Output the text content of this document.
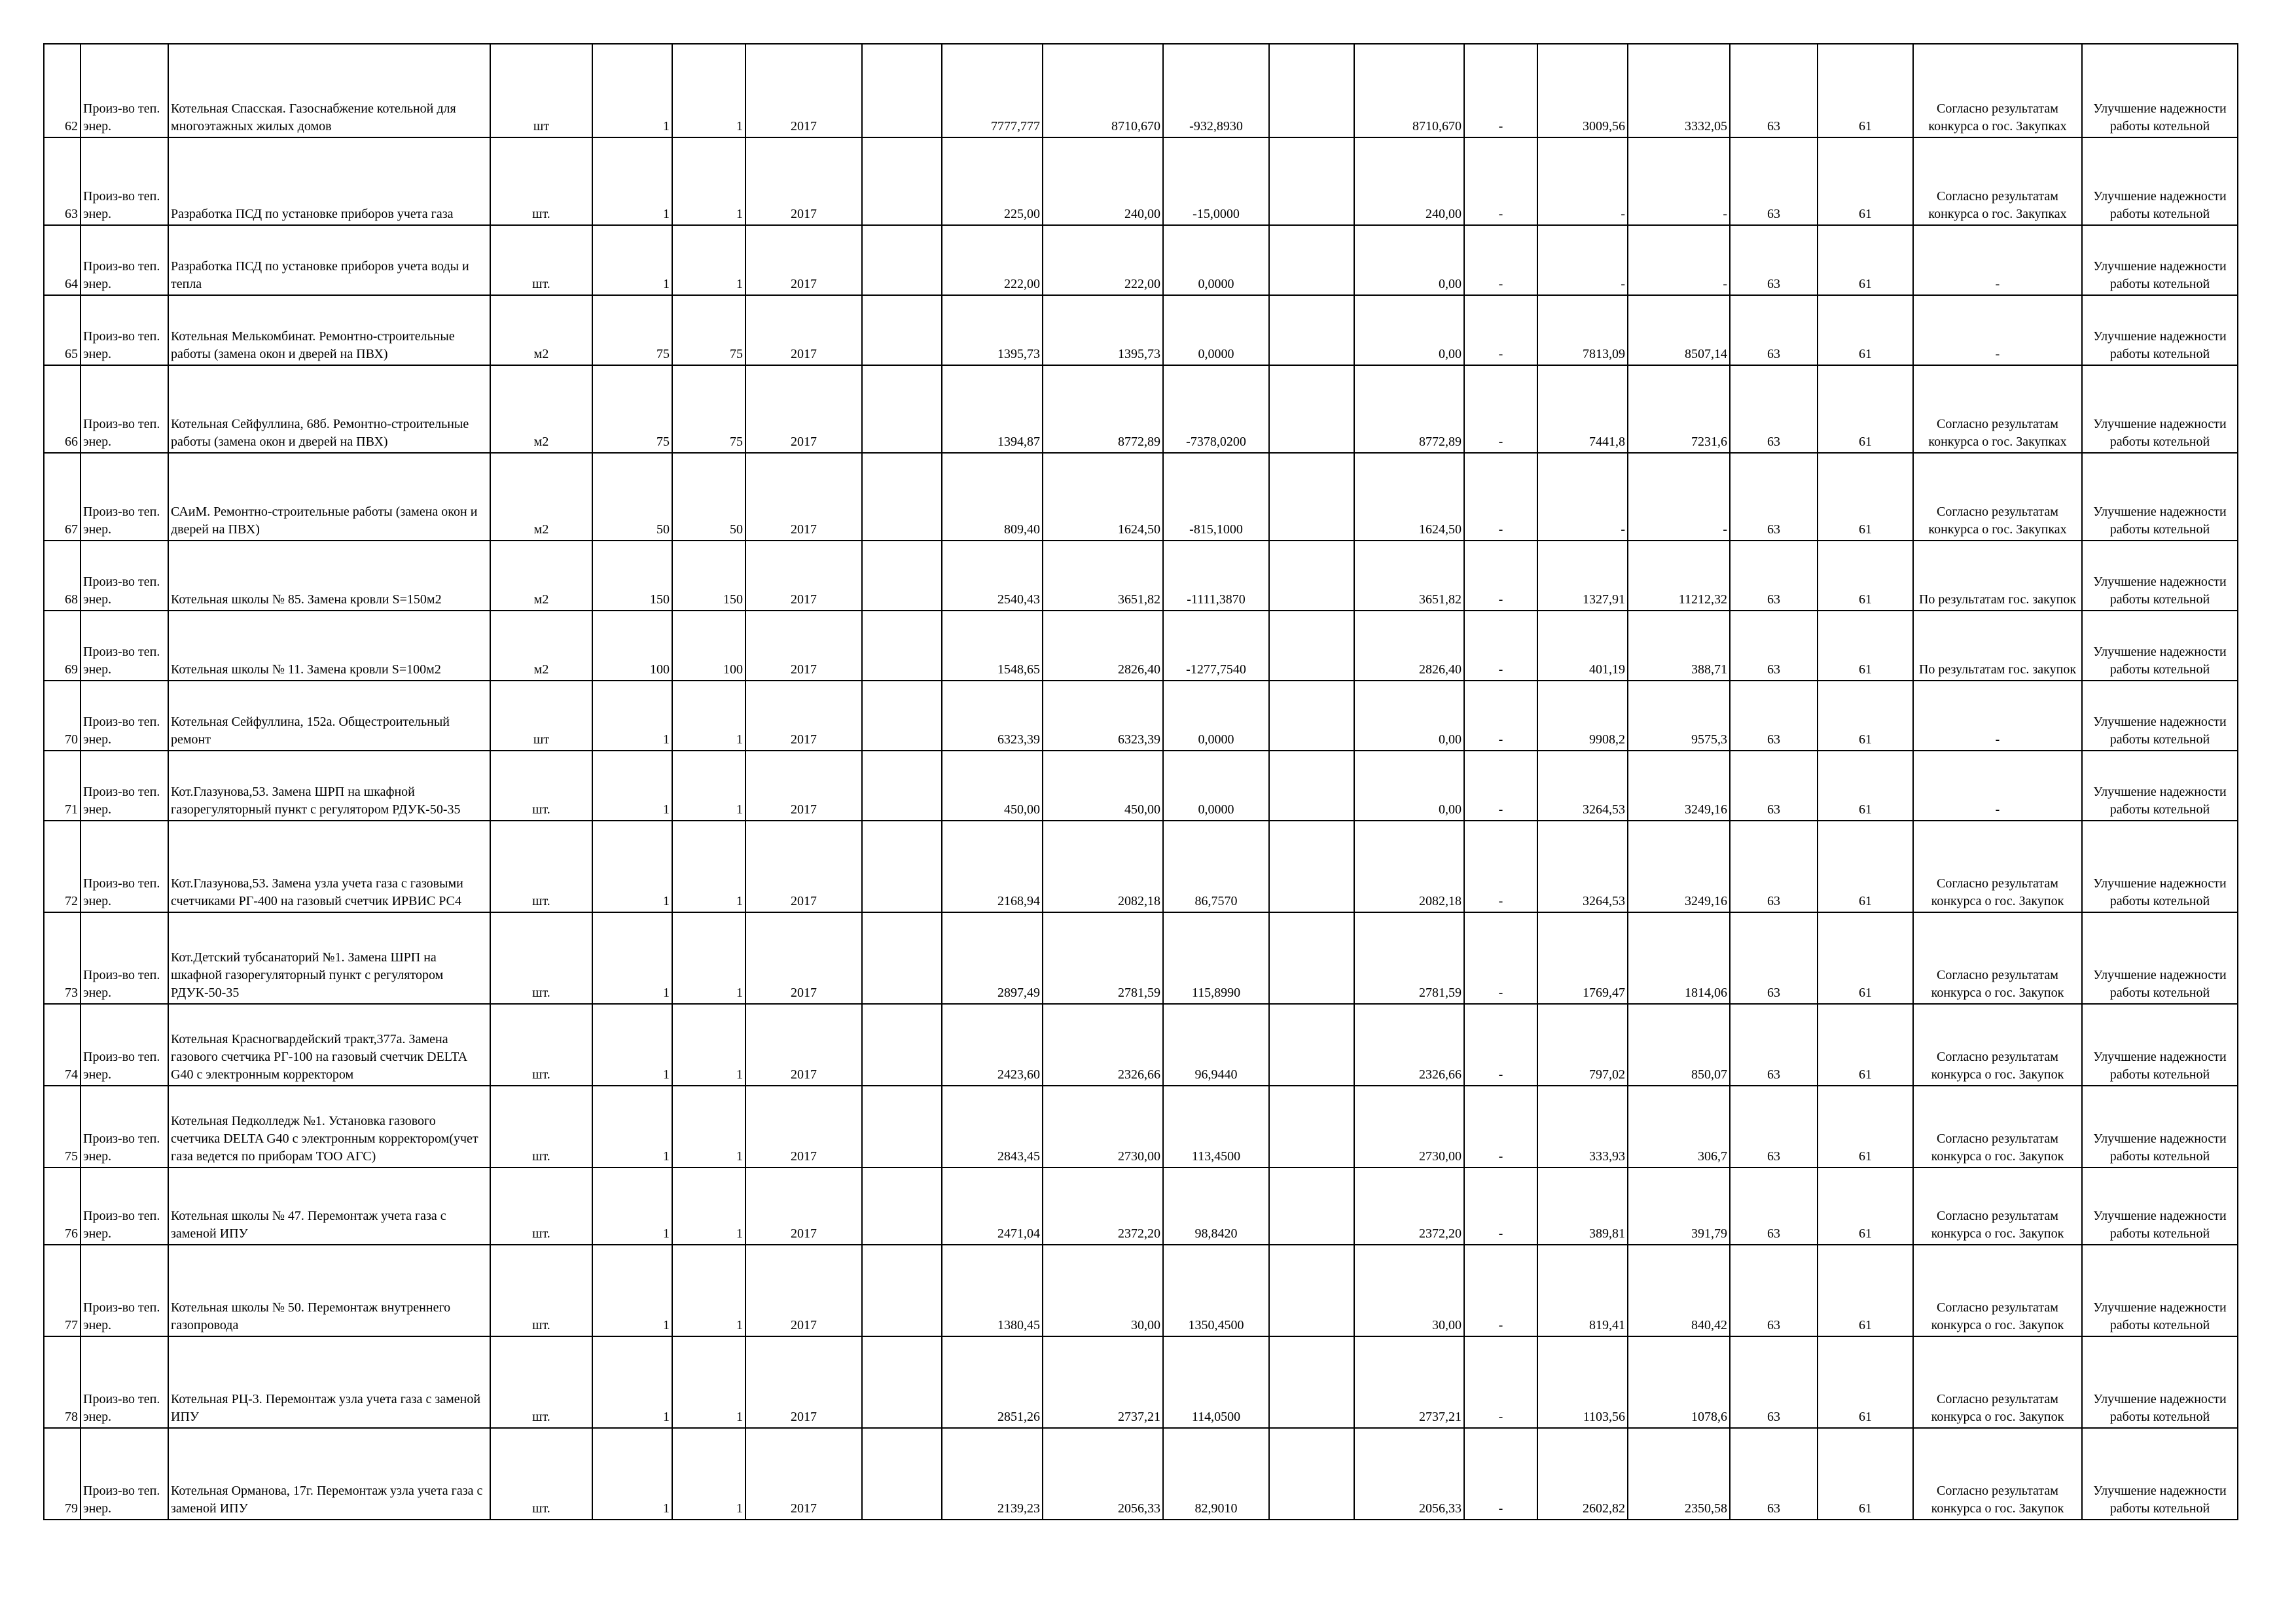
62	Произ-во теп. энер.	Котельная Спасская. Газоснабжение котельной для многоэтажных жилых домов	шт	1	1	2017		7777,777	8710,670	-932,8930		8710,670	-	3009,56	3332,05	63	61	Согласно результатам конкурса о гос. Закупках	Улучшение надежности работы котельной
63	Произ-во теп. энер.	Разработка ПСД по установке приборов учета газа	шт.	1	1	2017		225,00	240,00	-15,0000		240,00	-	-	-	63	61	Согласно результатам конкурса о гос. Закупках	Улучшение надежности работы котельной
64	Произ-во теп. энер.	Разработка ПСД по установке приборов учета воды и тепла	шт.	1	1	2017		222,00	222,00	0,0000		0,00	-	-	-	63	61	-	Улучшение надежности работы котельной
65	Произ-во теп. энер.	Котельная Мелькомбинат. Ремонтно-строительные работы (замена окон и дверей на ПВХ)	м2	75	75	2017		1395,73	1395,73	0,0000		0,00	-	7813,09	8507,14	63	61	-	Улучшение надежности работы котельной
66	Произ-во теп. энер.	Котельная Сейфуллина, 68б. Ремонтно-строительные работы (замена окон и дверей на ПВХ)	м2	75	75	2017		1394,87	8772,89	-7378,0200		8772,89	-	7441,8	7231,6	63	61	Согласно результатам конкурса о гос. Закупках	Улучшение надежности работы котельной
67	Произ-во теп. энер.	САиМ. Ремонтно-строительные работы (замена окон и дверей на ПВХ)	м2	50	50	2017		809,40	1624,50	-815,1000		1624,50	-	-	-	63	61	Согласно результатам конкурса о гос. Закупках	Улучшение надежности работы котельной
68	Произ-во теп. энер.	Котельная школы № 85. Замена кровли S=150м2	м2	150	150	2017		2540,43	3651,82	-1111,3870		3651,82	-	1327,91	11212,32	63	61	По результатам гос. закупок	Улучшение надежности работы котельной
69	Произ-во теп. энер.	Котельная школы № 11. Замена кровли S=100м2	м2	100	100	2017		1548,65	2826,40	-1277,7540		2826,40	-	401,19	388,71	63	61	По результатам гос. закупок	Улучшение надежности работы котельной
70	Произ-во теп. энер.	Котельная Сейфуллина, 152а. Общестроительный ремонт	шт	1	1	2017		6323,39	6323,39	0,0000		0,00	-	9908,2	9575,3	63	61	-	Улучшение надежности работы котельной
71	Произ-во теп. энер.	Кот.Глазунова,53. Замена ШРП на шкафной газорегуляторный пункт с регулятором РДУК-50-35	шт.	1	1	2017		450,00	450,00	0,0000		0,00	-	3264,53	3249,16	63	61	-	Улучшение надежности работы котельной
72	Произ-во теп. энер.	Кот.Глазунова,53. Замена узла учета газа с газовыми счетчиками РГ-400 на газовый счетчик ИРВИС РС4	шт.	1	1	2017		2168,94	2082,18	86,7570		2082,18	-	3264,53	3249,16	63	61	Согласно результатам конкурса о гос. Закупок	Улучшение надежности работы котельной
73	Произ-во теп. энер.	Кот.Детский тубсанаторий №1. Замена ШРП на шкафной газорегуляторный пункт с регулятором РДУК-50-35	шт.	1	1	2017		2897,49	2781,59	115,8990		2781,59	-	1769,47	1814,06	63	61	Согласно результатам конкурса о гос. Закупок	Улучшение надежности работы котельной
74	Произ-во теп. энер.	Котельная Красногвардейский тракт,377а. Замена газового счетчика РГ-100 на газовый счетчик DELTA G40 с электронным корректором	шт.	1	1	2017		2423,60	2326,66	96,9440		2326,66	-	797,02	850,07	63	61	Согласно результатам конкурса о гос. Закупок	Улучшение надежности работы котельной
75	Произ-во теп. энер.	Котельная Педколледж №1. Установка газового счетчика DELTA G40 с электронным корректором(учет газа ведется по приборам ТОО АГС)	шт.	1	1	2017		2843,45	2730,00	113,4500		2730,00	-	333,93	306,7	63	61	Согласно результатам конкурса о гос. Закупок	Улучшение надежности работы котельной
76	Произ-во теп. энер.	Котельная школы № 47. Перемонтаж учета газа с заменой ИПУ	шт.	1	1	2017		2471,04	2372,20	98,8420		2372,20	-	389,81	391,79	63	61	Согласно результатам конкурса о гос. Закупок	Улучшение надежности работы котельной
77	Произ-во теп. энер.	Котельная школы № 50. Перемонтаж внутреннего газопровода	шт.	1	1	2017		1380,45	30,00	1350,4500		30,00	-	819,41	840,42	63	61	Согласно результатам конкурса о гос. Закупок	Улучшение надежности работы котельной
78	Произ-во теп. энер.	Котельная РЦ-3. Перемонтаж узла учета газа с заменой ИПУ	шт.	1	1	2017		2851,26	2737,21	114,0500		2737,21	-	1103,56	1078,6	63	61	Согласно результатам конкурса о гос. Закупок	Улучшение надежности работы котельной
79	Произ-во теп. энер.	Котельная Орманова, 17г. Перемонтаж узла учета газа с заменой ИПУ	шт.	1	1	2017		2139,23	2056,33	82,9010		2056,33	-	2602,82	2350,58	63	61	Согласно результатам конкурса о гос. Закупок	Улучшение надежности работы котельной
